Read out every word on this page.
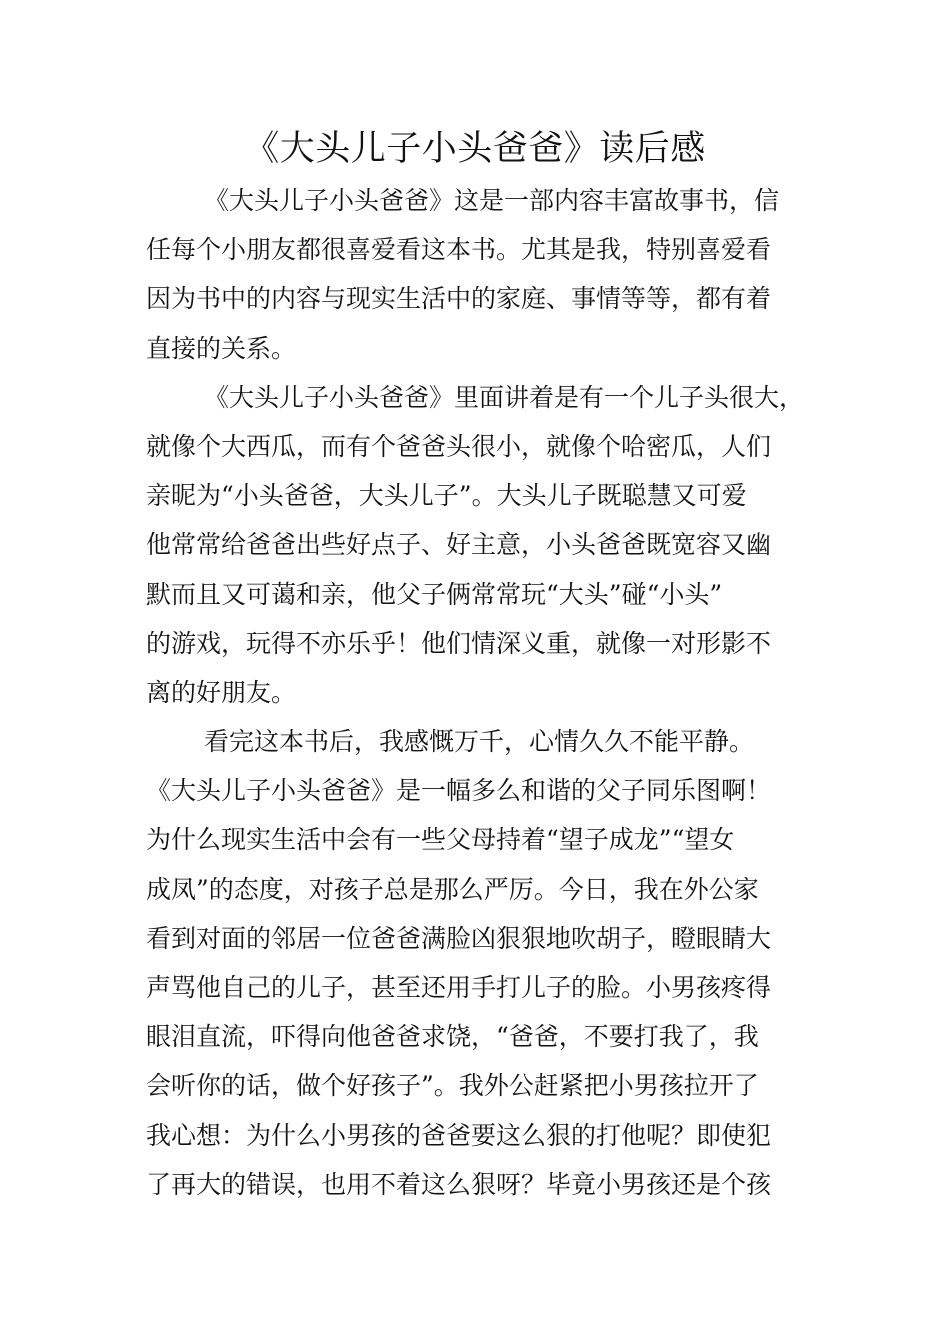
《大头儿子小头爸爸》读后感
《大头儿子小头爸爸》这是一部内容丰富故事书，信
任每个小朋友都很喜爱看这本书。尤其是我，特别喜爱看
因为书中的内容与现实生活中的家庭、事情等等，都有着
直接的关系。
《大头儿子小头爸爸》里面讲着是有一个儿子头很大，
就像个大西瓜，而有个爸爸头很小，就像个哈密瓜，人们
亲昵为“小头爸爸，大头儿子”。大头儿子既聪慧又可爱
他常常给爸爸出些好点子、好主意，小头爸爸既宽容又幽
默而且又可蔼和亲，他父子俩常常玩“大头”碰“小头”
的游戏，玩得不亦乐乎！他们情深义重，就像一对形影不
离的好朋友。
看完这本书后，我感慨万千，心情久久不能平静。
《大头儿子小头爸爸》是一幅多么和谐的父子同乐图啊！
为什么现实生活中会有一些父母持着“望子成龙”“望女
成凤”的态度，对孩子总是那么严厉。今日，我在外公家
看到对面的邻居一位爸爸满脸凶狠狠地吹胡子，瞪眼睛大
声骂他自己的儿子，甚至还用手打儿子的脸。小男孩疼得
眼泪直流，吓得向他爸爸求饶，“爸爸，不要打我了，我
会听你的话，做个好孩子”。我外公赶紧把小男孩拉开了
我心想：为什么小男孩的爸爸要这么狠的打他呢？即使犯
了再大的错误，也用不着这么狠呀？毕竟小男孩还是个孩
